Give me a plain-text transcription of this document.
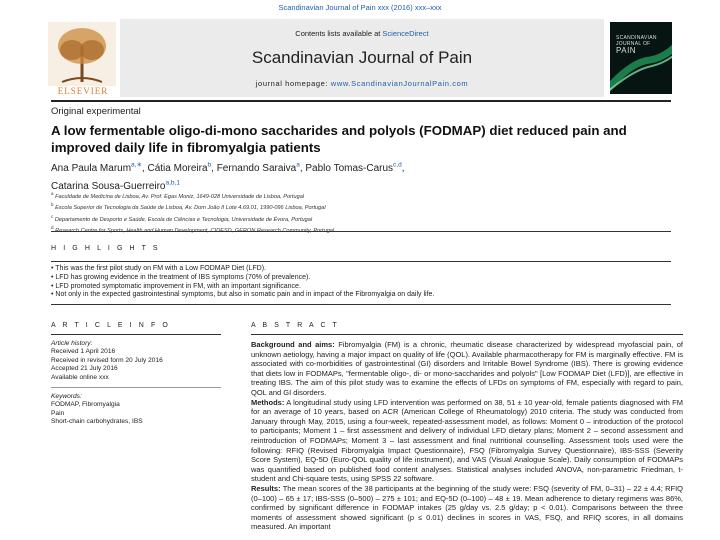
Scandinavian Journal of Pain xxx (2016) xxx–xxx
Contents lists available at ScienceDirect
Scandinavian Journal of Pain
journal homepage: www.ScandinavianJournalPain.com
ELSEVIER
SCANDINAVIAN JOURNAL OF
PAIN
Original experimental
A low fermentable oligo-di-mono saccharides and polyols (FODMAP) diet reduced pain and improved daily life in fibromyalgia patients
Ana Paula Marum$^{a,∗}$, Cátia Moreira$^b$, Fernando Saraiva$^a$, Pablo Tomas-Carus$^{c,d}$,
Catarina Sousa-Guerreiro$^{a,b,1}$
$^a$ Faculdade de Medicina de Lisboa, Av. Prof. Egas Moniz, 1649-028 Universidade de Lisboa, Portugal
$^b$ Escola Superior de Tecnologia da Saúde de Lisboa, Av. Dom João II Lote 4.69.01, 1990-096 Lisboa, Portugal
$^c$ Departamento de Desporto e Saúde, Escola de Ciências e Tecnologia, Universidade de Évora, Portugal
$^d$ Research Centre for Sports, Health and Human Development, CIDESD, GERON Research Community, Portugal
H I G H L I G H T S
• This was the first pilot study on FM with a Low FODMAP Diet (LFD).
• LFD has growing evidence in the treatment of IBS symptoms (70% of prevalence).
• LFD promoted symptomatic improvement in FM, with an important significance.
• Not only in the expected gastrointestinal symptoms, but also in somatic pain and in impact of the Fibromyalgia on daily life.
A R T I C L E I N F O	A B S T R A C T
Article history:
Received 1 April 2016
Received in revised form 20 July 2016
Accepted 21 July 2016
Available online xxx
Keywords:
FODMAP, Fibromyalgia
Pain
Short-chain carbohydrates, IBS
Background and aims: Fibromyalgia (FM) is a chronic, rheumatic disease characterized by widespread myofascial pain, of unknown aetiology, having a major impact on quality of life (QOL). Available pharmacotherapy for FM is marginally effective. FM is associated with co-morbidities of gastrointestinal (GI) disorders and Irritable Bowel Syndrome (IBS). There is growing evidence that diets low in FODMAPs, "fermentable oligo-, di- or mono-saccharides and polyols" [Low FODMAP Diet (LFD)], are effective in treating IBS. The aim of this pilot study was to examine the effects of LFDs on symptoms of FM, especially with regard to pain, QOL and GI disorders.
Methods: A longitudinal study using LFD intervention was performed on 38, 51 ± 10 year-old, female patients diagnosed with FM for an average of 10 years, based on ACR (American College of Rheumatology) 2010 criteria. The study was conducted from January through May, 2015, using a four-week, repeated-assessment model, as follows: Moment 0 – introduction of the protocol to participants; Moment 1 – first assessment and delivery of individual LFD dietary plans; Moment 2 – second assessment and reintroduction of FODMAPs; Moment 3 – last assessment and final nutritional counselling. Assessment tools used were the following: RFIQ (Revised Fibromyalgia Impact Questionnaire), FSQ (Fibromyalgia Survey Questionnaire), IBS-SSS (Severity Score System), EQ-5D (Euro-QOL quality of life instrument), and VAS (Visual Analogue Scale). Daily consumption of FODMAPs was quantified based on published food content analyses. Statistical analyses included ANOVA, non-parametric Friedman, t-student and Chi-square tests, using SPSS 22 software.
Results: The mean scores of the 38 participants at the beginning of the study were: FSQ (severity of FM, 0–31) – 22 ± 4.4; RFIQ (0–100) – 65 ± 17; IBS-SSS (0–500) – 275 ± 101; and EQ-5D (0–100) – 48 ± 19. Mean adherence to dietary regimens was 86%, confirmed by significant difference in FODMAP intakes (25 g/day vs. 2.5 g/day; p < 0.01). Comparisons between the three moments of assessment showed significant (p ≤ 0.01) declines in scores in VAS, FSQ, and RFIQ scores, in all domains measured. An important
